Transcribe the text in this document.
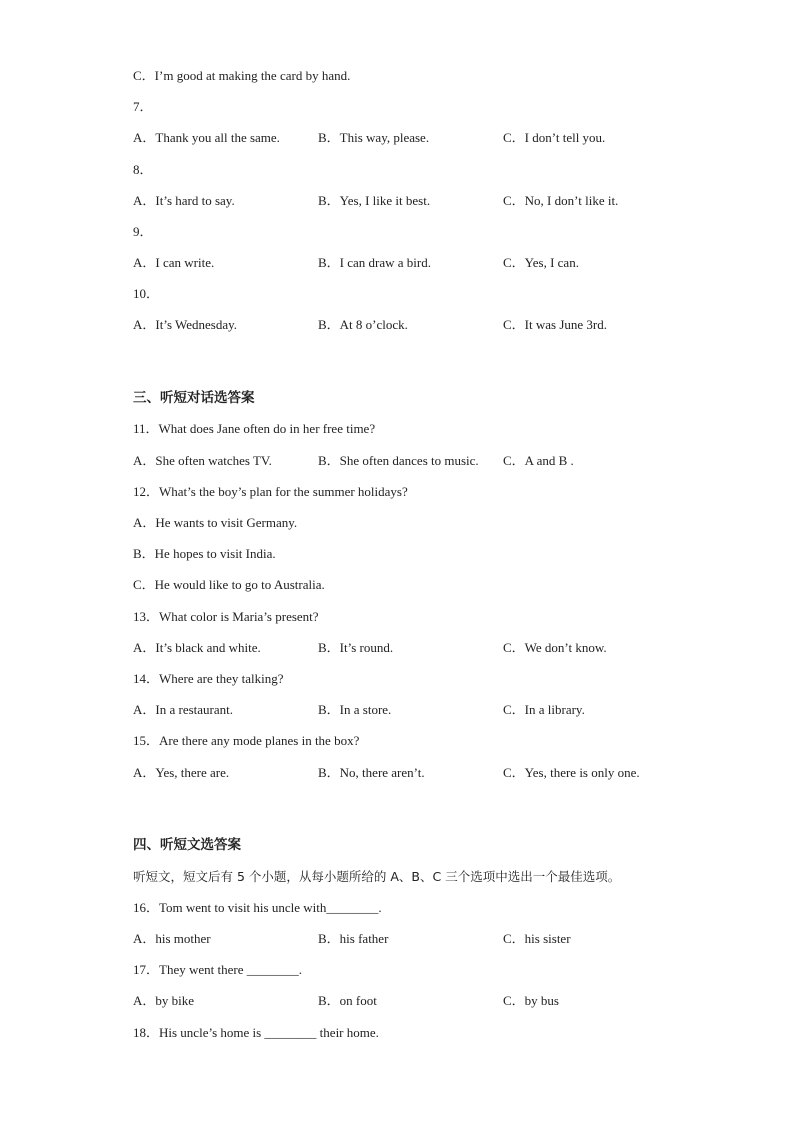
C．I’m good at making the card by hand.
7．
A．Thank you all the same.	B．This way, please.	C．I don’t tell you.
8．
A．It’s hard to say.	B．Yes, I like it best.	C．No, I don’t like it.
9．
A．I can write.	B．I can draw a bird.	C．Yes, I can.
10．
A．It’s Wednesday.	B．At 8 o’clock.	C．It was June 3rd.
三、听短对话选答案
11．What does Jane often do in her free time?
A．She often watches TV.	B．She often dances to music. C．A and B .
12．What’s the boy’s plan for the summer holidays?
A．He wants to visit Germany.
B．He hopes to visit India.
C．He would like to go to Australia.
13．What color is Maria’s present?
A．It’s black and white.	B．It’s round.	C．We don’t know.
14．Where are they talking?
A．In a restaurant.	B．In a store.	C．In a library.
15．Are there any mode planes in the box?
A．Yes, there are.	B．No, there aren’t.	C．Yes, there is only one.
四、听短文选答案
听短文，短文后有 5 个小题，从每小题所给的 A、B、C 三个选项中选出一个最佳选项。
16．Tom went to visit his uncle with________.
A．his mother	B．his father	C．his sister
17．They went there ________.
A．by bike	B．on foot	C．by bus
18．His uncle’s home is ________ their home.
